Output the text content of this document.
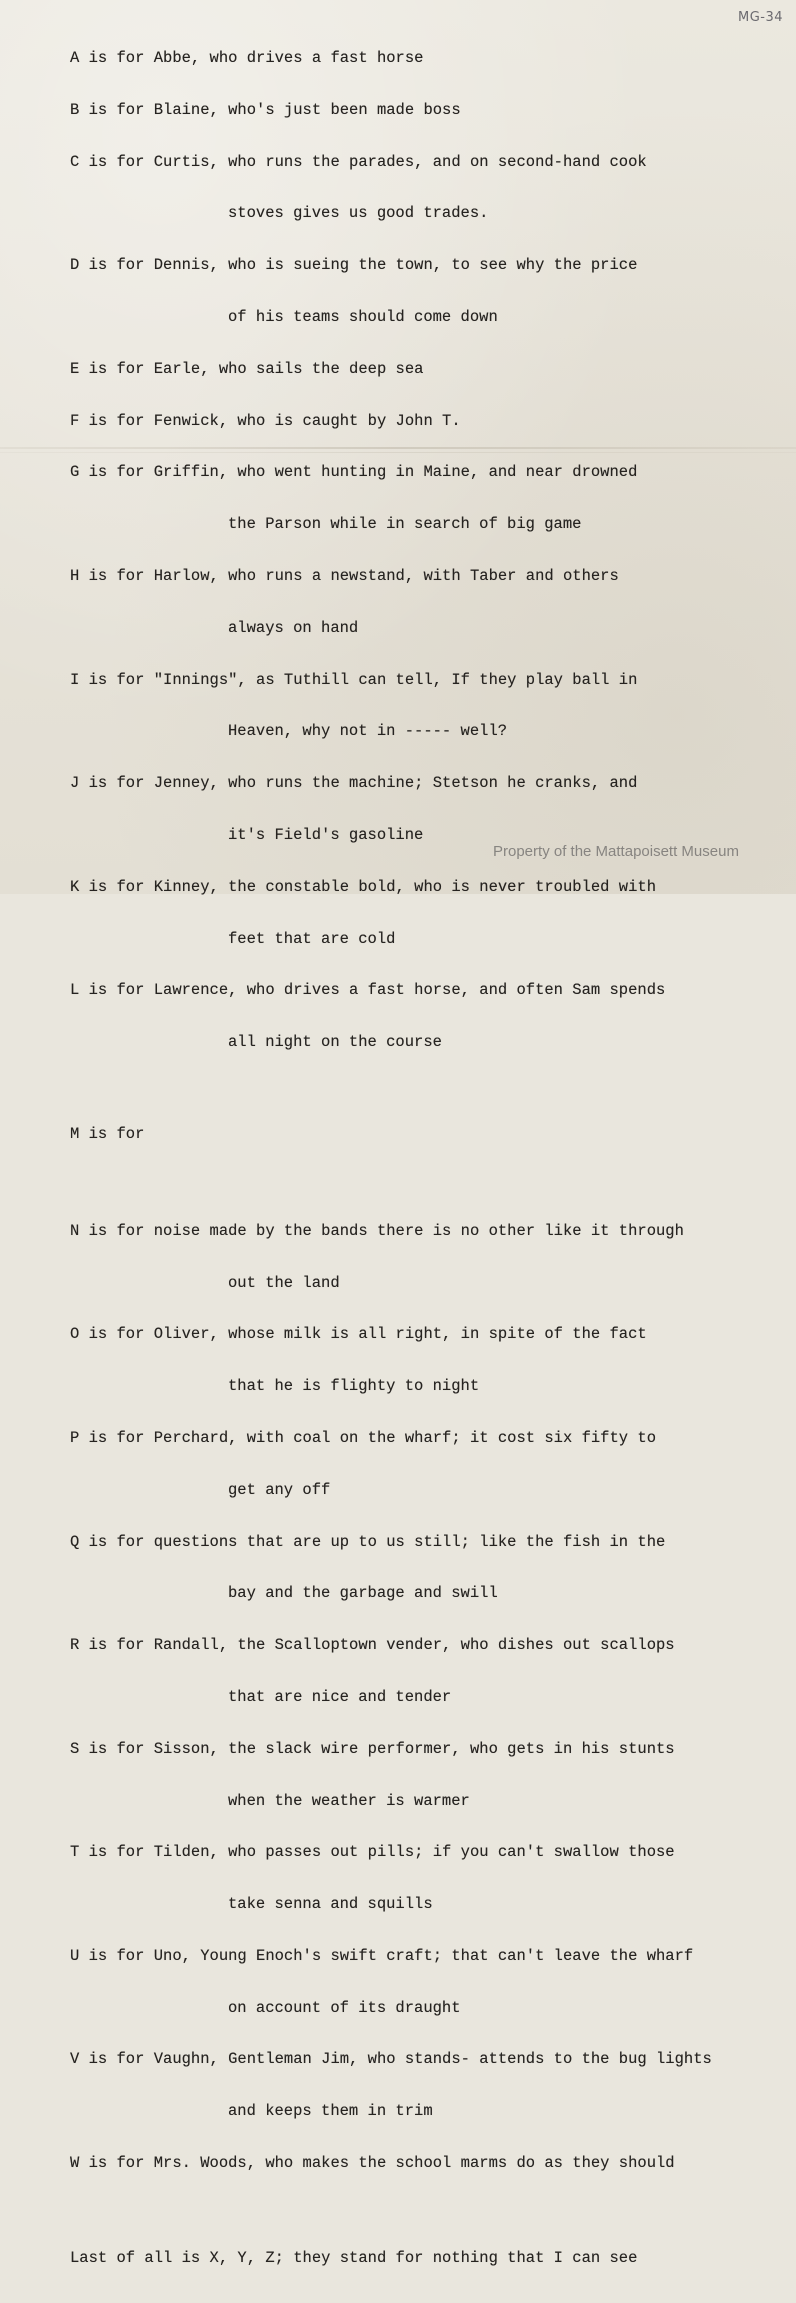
MG-34

A is for Abbe, who drives a fast horse

B is for Blaine, who's just been made boss

C is for Curtis, who runs the parades, and on second-hand cook

stoves gives us good trades.

D is for Dennis, who is sueing the town, to see why the price

of his teams should come down

E is for Earle, who sails the deep sea

F is for Fenwick, who is caught by John T.

G is for Griffin, who went hunting in Maine, and near drowned

the Parson while in search of big game

H is for Harlow, who runs a newstand, with Taber and others

always on hand

I is for "Innings", as Tuthill can tell, If they play ball in

Heaven, why not in ----- well?

J is for Jenney, who runs the machine; Stetson he cranks, and

it's Field's gasoline

K is for Kinney, the constable bold, who is never troubled with

feet that are cold

L is for Lawrence, who drives a fast horse, and often Sam spends

all night on the course

M is for

N is for noise made by the bands there is no other like it through

out the land

O is for Oliver, whose milk is all right, in spite of the fact

that he is flighty to night

P is for Perchard, with coal on the wharf; it cost six fifty to

get any off

Q is for questions that are up to us still; like the fish in the

bay and the garbage and swill

R is for Randall, the Scalloptown vender, who dishes out scallops

that are nice and tender

S is for Sisson, the slack wire performer, who gets in his stunts

when the weather is warmer

T is for Tilden, who passes out pills; if you can't swallow those

take senna and squills

U is for Uno, Young Enoch's swift craft; that can't leave the wharf

on account of its draught

V is for Vaughn, Gentleman Jim, who stands- attends to the bug lights

and keeps them in trim

W is for Mrs. Woods, who makes the school marms do as they should

Last of all is X, Y, Z; they stand for nothing that I can see

Property of the Mattapoisett Museum
